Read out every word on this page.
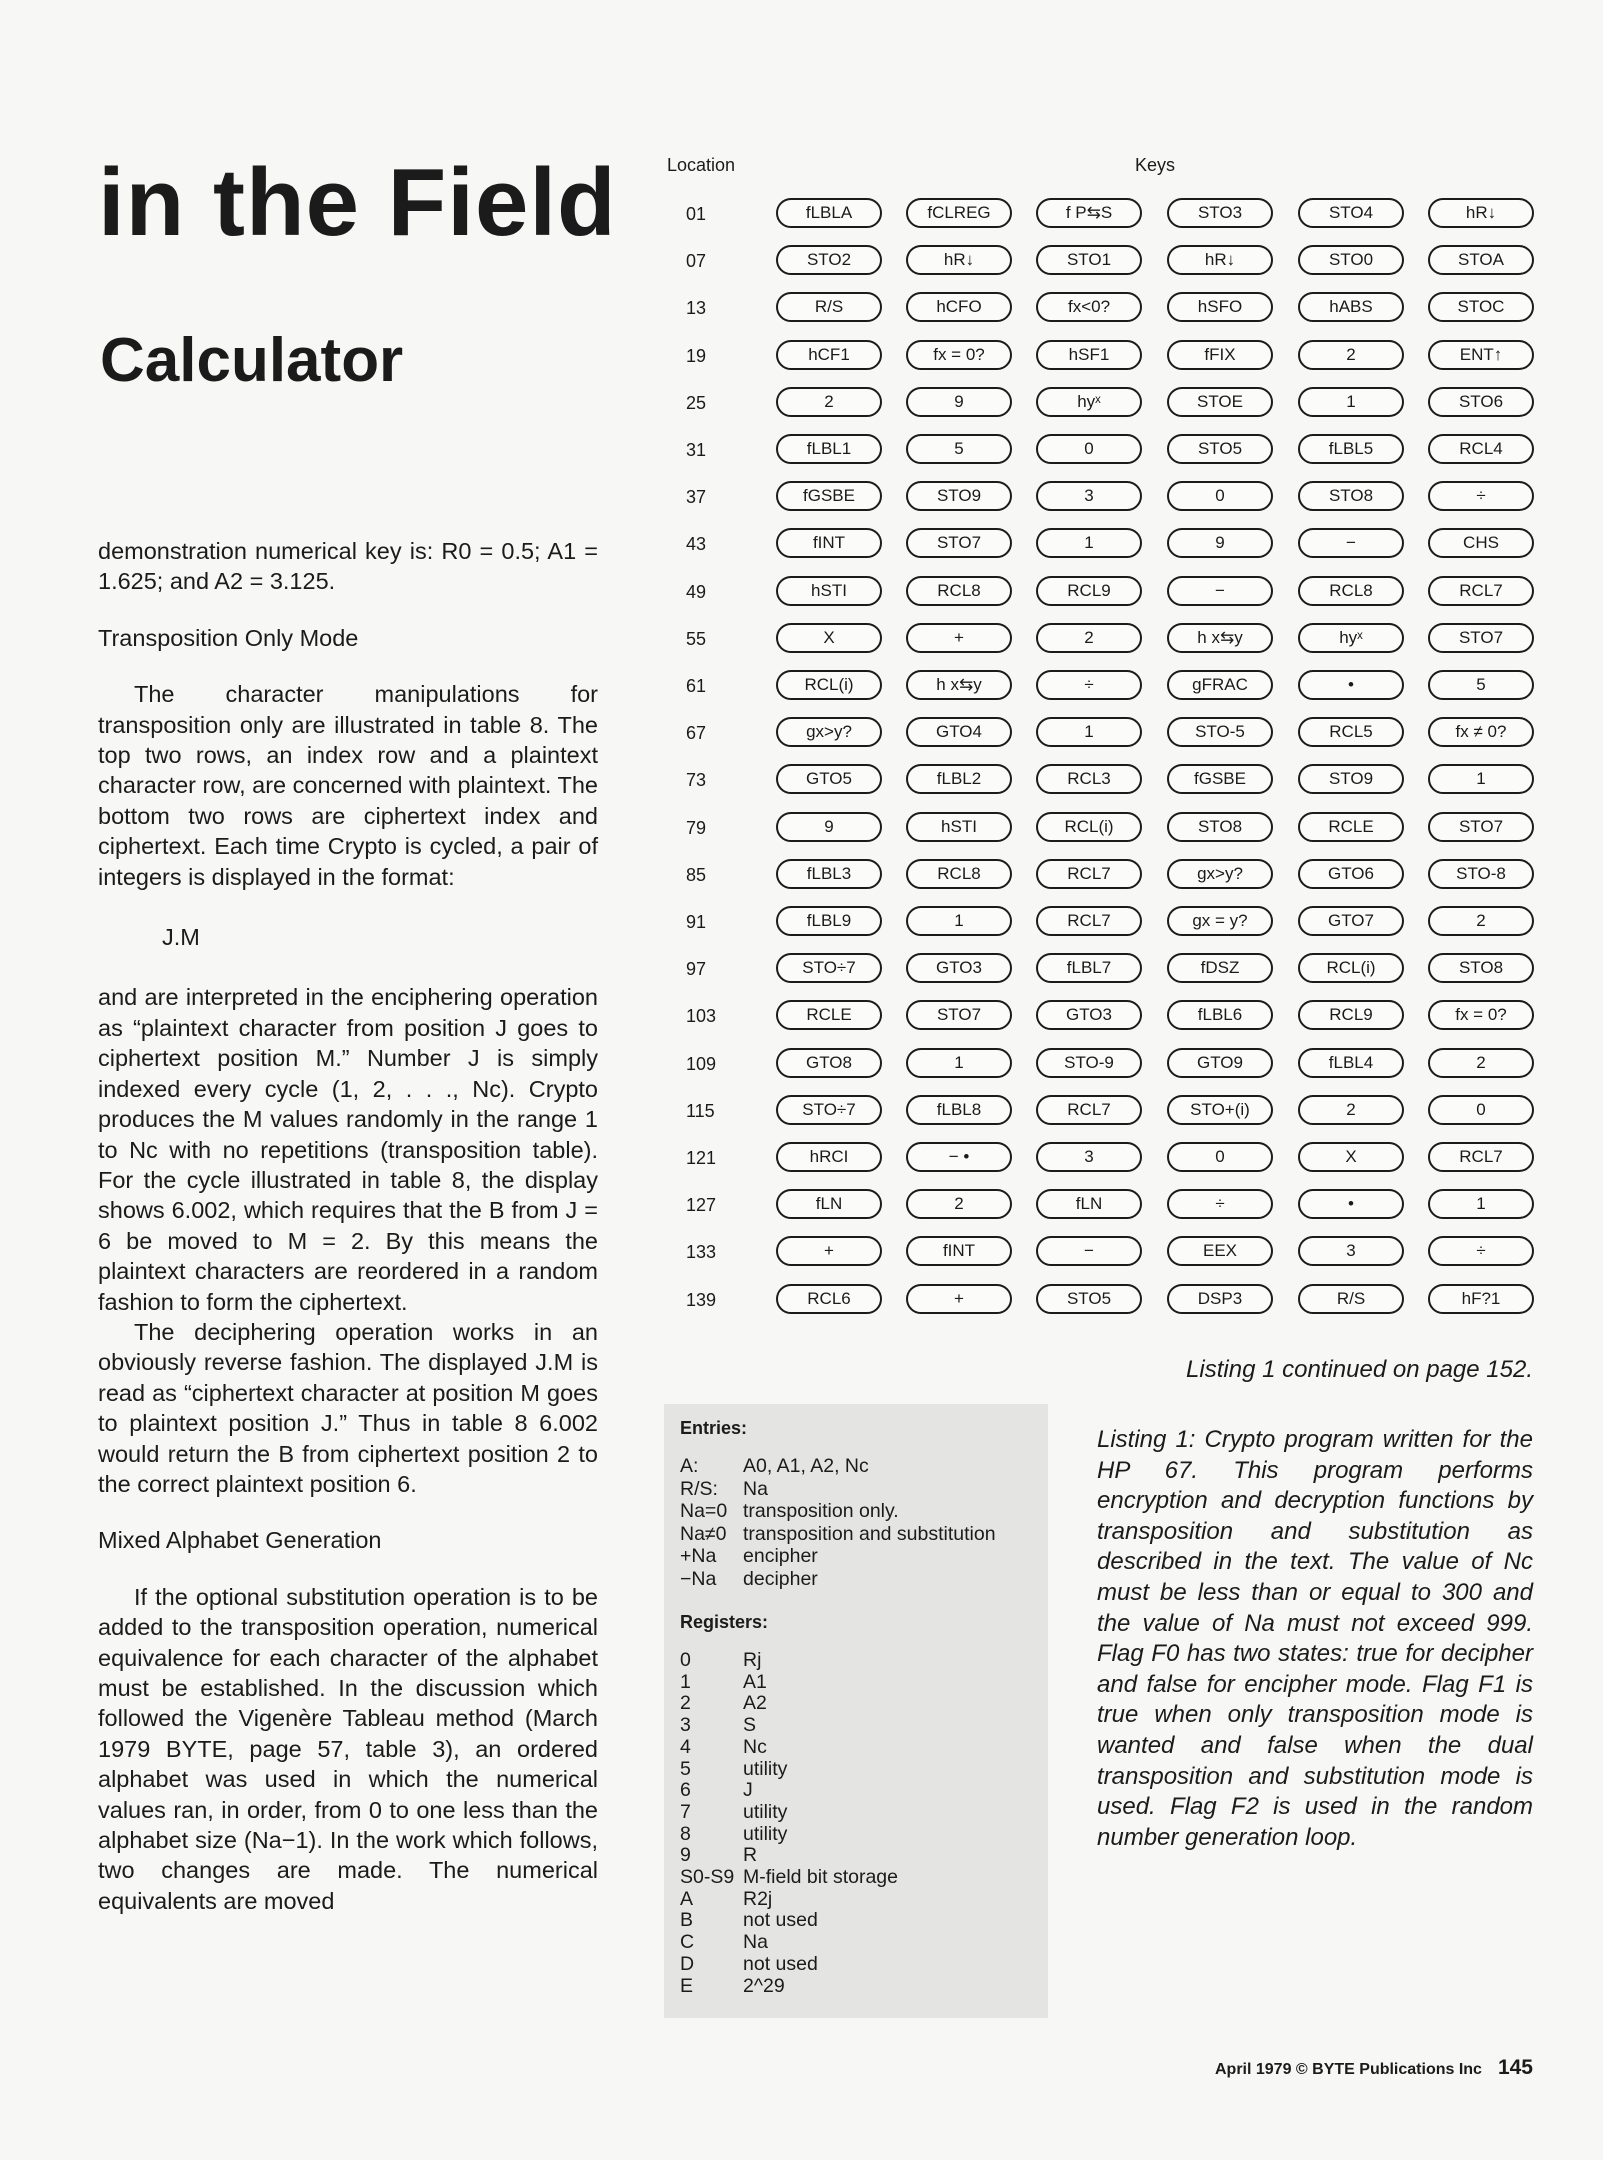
in the Field
Calculator

demonstration numerical key is: R0 = 0.5; A1 = 1.625; and A2 = 3.125.

Transposition Only Mode

The character manipulations for transposition only are illustrated in table 8. The top two rows, an index row and a plaintext character row, are concerned with plaintext. The bottom two rows are ciphertext index and ciphertext. Each time Crypto is cycled, a pair of integers is displayed in the format:

J.M

and are interpreted in the enciphering operation as “plaintext character from position J goes to ciphertext position M.” Number J is simply indexed every cycle (1, 2, . . ., Nc). Crypto produces the M values randomly in the range 1 to Nc with no repetitions (transposition table). For the cycle illustrated in table 8, the display shows 6.002, which requires that the B from J = 6 be moved to M = 2. By this means the plaintext characters are reordered in a random fashion to form the ciphertext.

The deciphering operation works in an obviously reverse fashion. The displayed J.M is read as “ciphertext character at position M goes to plaintext position J.” Thus in table 8 6.002 would return the B from ciphertext position 2 to the correct plaintext position 6.

Mixed Alphabet Generation

If the optional substitution operation is to be added to the transposition operation, numerical equivalence for each character of the alphabet must be established. In the discussion which followed the Vigenère Tableau method (March 1979 BYTE, page 57, table 3), an ordered alphabet was used in which the numerical values ran, in order, from 0 to one less than the alphabet size (Na−1). In the work which follows, two changes are made. The numerical equivalents are moved

Location	Keys
01	fLBLA	fCLREG	f P⇆S	STO3	STO4	hR↓
07	STO2	hR↓	STO1	hR↓	STO0	STOA
13	R/S	hCFO	fx<0?	hSFO	hABS	STOC
19	hCF1	fx = 0?	hSF1	fFIX	2	ENT↑
25	2	9	hyˣ	STOE	1	STO6
31	fLBL1	5	0	STO5	fLBL5	RCL4
37	fGSBE	STO9	3	0	STO8	÷
43	fINT	STO7	1	9	−	CHS
49	hSTI	RCL8	RCL9	−	RCL8	RCL7
55	X	+	2	h x⇆y	hyˣ	STO7
61	RCL(i)	h x⇆y	÷	gFRAC	•	5
67	gx>y?	GTO4	1	STO-5	RCL5	fx ≠ 0?
73	GTO5	fLBL2	RCL3	fGSBE	STO9	1
79	9	hSTI	RCL(i)	STO8	RCLE	STO7
85	fLBL3	RCL8	RCL7	gx>y?	GTO6	STO-8
91	fLBL9	1	RCL7	gx = y?	GTO7	2
97	STO÷7	GTO3	fLBL7	fDSZ	RCL(i)	STO8
103	RCLE	STO7	GTO3	fLBL6	RCL9	fx = 0?
109	GTO8	1	STO-9	GTO9	fLBL4	2
115	STO÷7	fLBL8	RCL7	STO+(i)	2	0
121	hRCI	− •	3	0	X	RCL7
127	fLN	2	fLN	÷	•	1
133	+	fINT	−	EEX	3	÷
139	RCL6	+	STO5	DSP3	R/S	hF?1
Listing 1 continued on page 152.
Entries:
Registers:
A: A0, A1, A2, Nc
R/S: Na
Na=0 transposition only.
Na≠0 transposition and substitution
+Na encipher
−Na decipher
0	Rj
1	A1
2	A2
3	S
4	Nc
5	utility
6	J
7	utility
8	utility
9	R
S0-S9 M-field bit storage
A	R2j
B	not used
C	Na
D	not used
E	2^29
Listing 1: Crypto program written for the HP 67. This program performs encryption and decryption functions by transposition and substitution as described in the text. The value of Nc must be less than or equal to 300 and the value of Na must not exceed 999. Flag F0 has two states: true for decipher and false for encipher mode. Flag F1 is true when only transposition mode is wanted and false when the dual transposition and substitution mode is used. Flag F2 is used in the random number generation loop.
April 1979 © BYTE Publications Inc 145
